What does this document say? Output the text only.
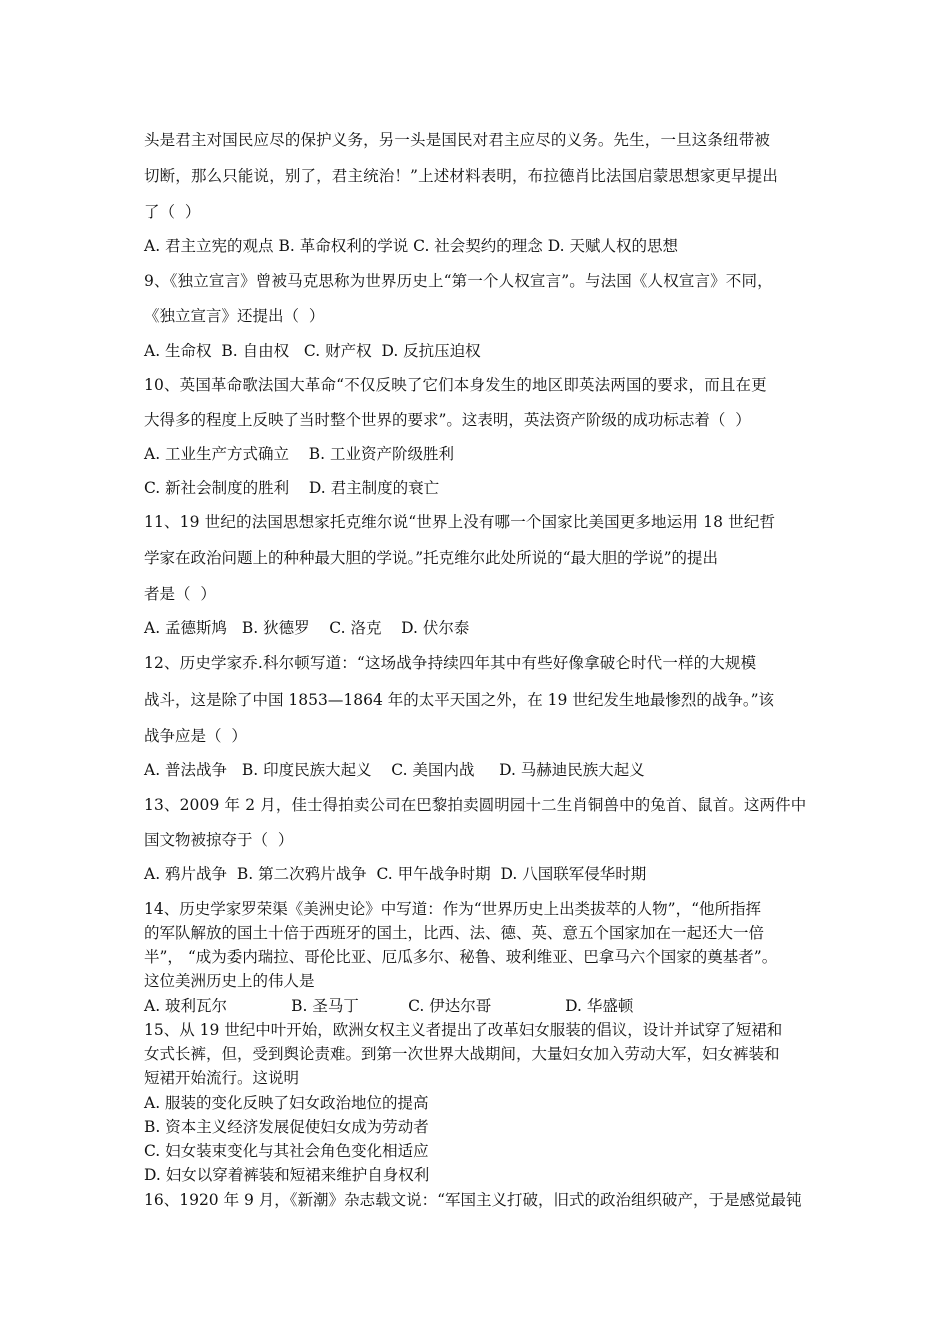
头是君主对国民应尽的保护义务，另一头是国民对君主应尽的义务。先生，一旦这条纽带被
切断，那么只能说，别了，君主统治！”上述材料表明，布拉德肖比法国启蒙思想家更早提出
了（  ）
A. 君主立宪的观点 B. 革命权利的学说 C. 社会契约的理念 D. 天赋人权的思想
9、《独立宣言》曾被马克思称为世界历史上“第一个人权宣言”。与法国《人权宣言》不同，
《独立宣言》还提出（  ）
A. 生命权  B. 自由权   C. 财产权  D. 反抗压迫权
10、英国革命歌法国大革命“不仅反映了它们本身发生的地区即英法两国的要求，而且在更
大得多的程度上反映了当时整个世界的要求”。这表明，英法资产阶级的成功标志着（  ）
A. 工业生产方式确立    B. 工业资产阶级胜利
C. 新社会制度的胜利    D. 君主制度的衰亡
11、19 世纪的法国思想家托克维尔说“世界上没有哪一个国家比美国更多地运用 18 世纪哲
学家在政治问题上的种种最大胆的学说。”托克维尔此处所说的“最大胆的学说”的提出
者是（  ）
A. 孟德斯鸠   B. 狄德罗    C. 洛克    D. 伏尔泰
12、历史学家乔.科尔顿写道：“这场战争持续四年其中有些好像拿破仑时代一样的大规模
战斗，这是除了中国 1853—1864 年的太平天国之外，在 19 世纪发生地最惨烈的战争。”该
战争应是（  ）
A. 普法战争   B. 印度民族大起义    C. 美国内战     D. 马赫迪民族大起义
13、2009 年 2 月，佳士得拍卖公司在巴黎拍卖圆明园十二生肖铜兽中的兔首、鼠首。这两件中
国文物被掠夺于（  ）
A. 鸦片战争  B. 第二次鸦片战争  C. 甲午战争时期  D. 八国联军侵华时期
14、历史学家罗荣渠《美洲史论》中写道：作为“世界历史上出类拔萃的人物”，“他所指挥
的军队解放的国土十倍于西班牙的国土，比西、法、德、英、意五个国家加在一起还大一倍
半”， “成为委内瑞拉、哥伦比亚、厄瓜多尔、秘鲁、玻利维亚、巴拿马六个国家的奠基者”。
这位美洲历史上的伟人是
A. 玻利瓦尔             B. 圣马丁          C. 伊达尔哥               D. 华盛顿
15、从 19 世纪中叶开始，欧洲女权主义者提出了改革妇女服装的倡议，设计并试穿了短裙和
女式长裤，但，受到舆论责难。到第一次世界大战期间，大量妇女加入劳动大军，妇女裤装和
短裙开始流行。这说明
A. 服装的变化反映了妇女政治地位的提高
B. 资本主义经济发展促使妇女成为劳动者
C. 妇女装束变化与其社会角色变化相适应
D. 妇女以穿着裤装和短裙来维护自身权利
16、1920 年 9 月，《新潮》杂志载文说：“军国主义打破，旧式的政治组织破产，于是感觉最钝
